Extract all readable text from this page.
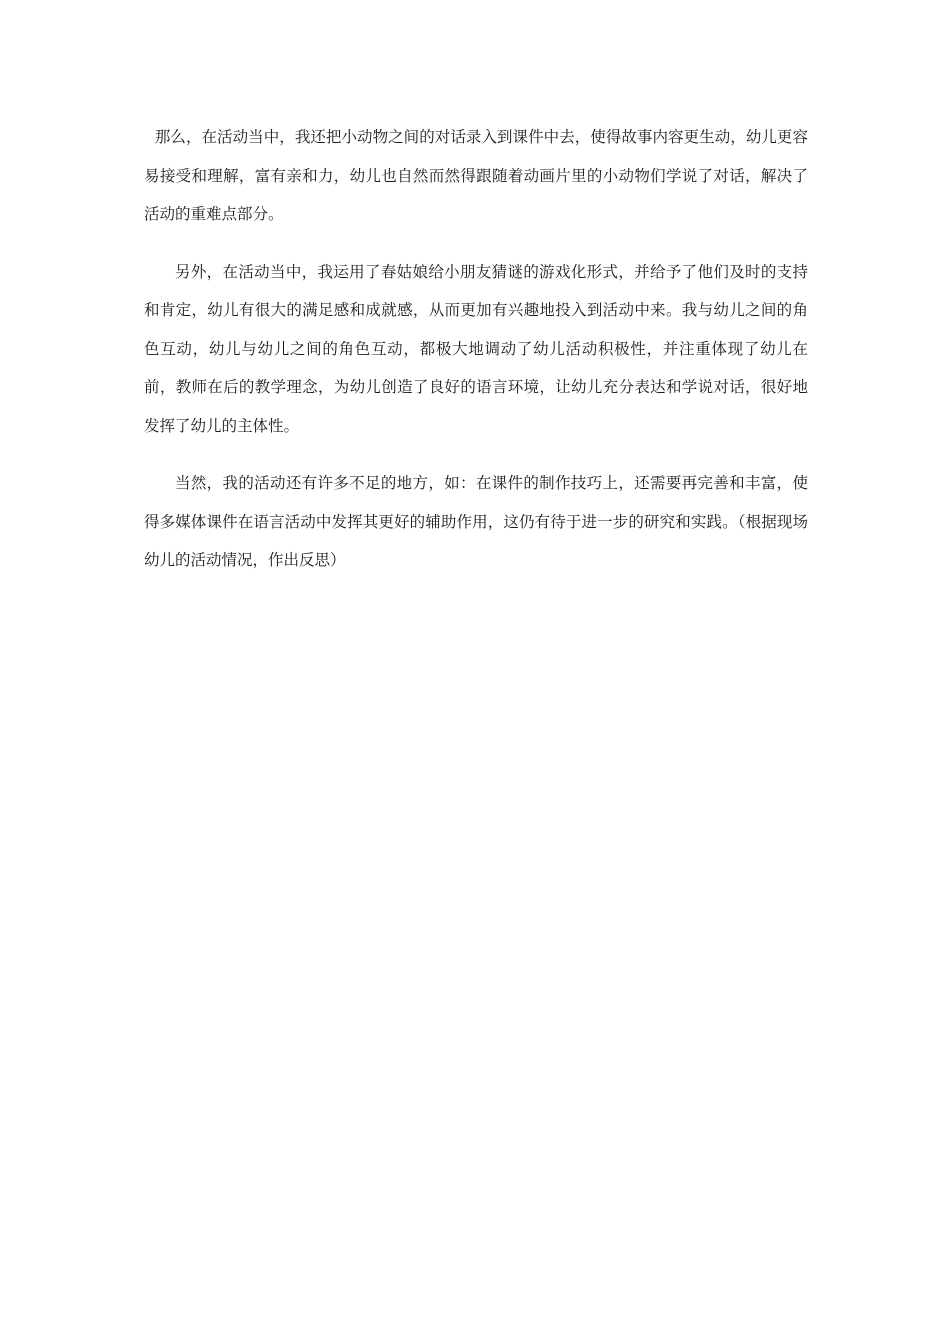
那么，在活动当中，我还把小动物之间的对话录入到课件中去，使得故事内容更生动，幼儿更容易接受和理解，富有亲和力，幼儿也自然而然得跟随着动画片里的小动物们学说了对话，解决了活动的重难点部分。

另外，在活动当中，我运用了春姑娘给小朋友猜谜的游戏化形式，并给予了他们及时的支持和肯定，幼儿有很大的满足感和成就感，从而更加有兴趣地投入到活动中来。我与幼儿之间的角色互动，幼儿与幼儿之间的角色互动，都极大地调动了幼儿活动积极性，并注重体现了幼儿在前，教师在后的教学理念，为幼儿创造了良好的语言环境，让幼儿充分表达和学说对话，很好地发挥了幼儿的主体性。

当然，我的活动还有许多不足的地方，如：在课件的制作技巧上，还需要再完善和丰富，使得多媒体课件在语言活动中发挥其更好的辅助作用，这仍有待于进一步的研究和实践。（根据现场幼儿的活动情况，作出反思）
